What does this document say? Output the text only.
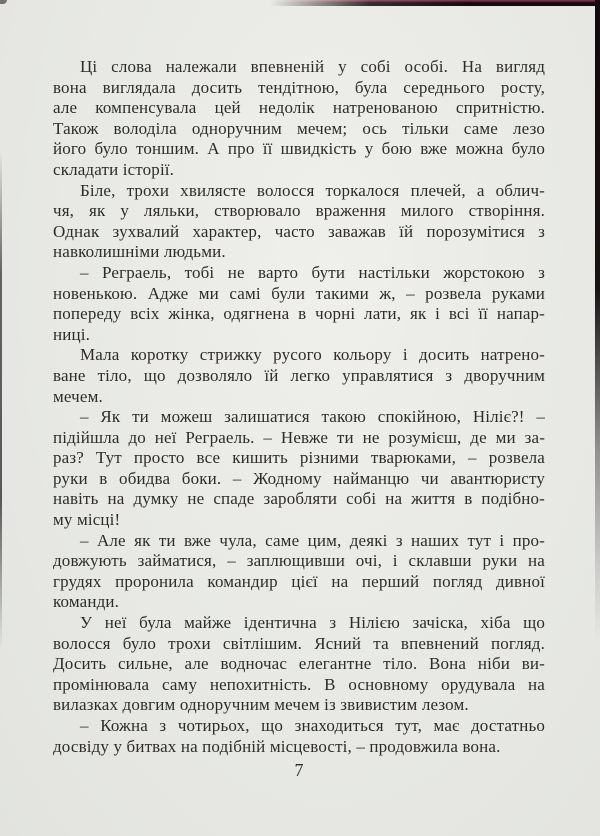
Ці слова належали впевненій у собі особі. На вигляд
вона виглядала досить тендітною, була середнього росту,
але компенсувала цей недолік натренованою спритністю.
Також володіла одноручним мечем; ось тільки саме лезо
його було тоншим. А про її швидкість у бою вже можна було
складати історії.
Біле, трохи хвилясте волосся торкалося плечей, а облич-
чя, як у ляльки, створювало враження милого створіння.
Однак зухвалий характер, часто заважав їй порозумітися з
навколишніми людьми.
– Реграель, тобі не варто бути настільки жорстокою з
новенькою. Адже ми самі були такими ж, – розвела руками
попереду всіх жінка, одягнена в чорні лати, як і всі її напар-
ниці.
Мала коротку стрижку русого кольору і досить натрено-
ване тіло, що дозволяло їй легко управлятися з дворучним
мечем.
– Як ти можеш залишатися такою спокійною, Ніліє?! –
підійшла до неї Реграель. – Невже ти не розумієш, де ми за-
раз? Тут просто все кишить різними тварюками, – розвела
руки в обидва боки. – Жодному найманцю чи авантюристу
навіть на думку не спаде заробляти собі на життя в подібно-
му місці!
– Але як ти вже чула, саме цим, деякі з наших тут і про-
довжують займатися, – заплющивши очі, і склавши руки на
грудях проронила командир цієї на перший погляд дивної
команди.
У неї була майже ідентична з Нілією зачіска, хіба що
волосся було трохи світлішим. Ясний та впевнений погляд.
Досить сильне, але водночас елегантне тіло. Вона ніби ви-
промінювала саму непохитність. В основному орудувала на
вилазках довгим одноручним мечем із звивистим лезом.
– Кожна з чотирьох, що знаходиться тут, має достатньо
досвіду у битвах на подібній місцевості, – продовжила вона.
7
